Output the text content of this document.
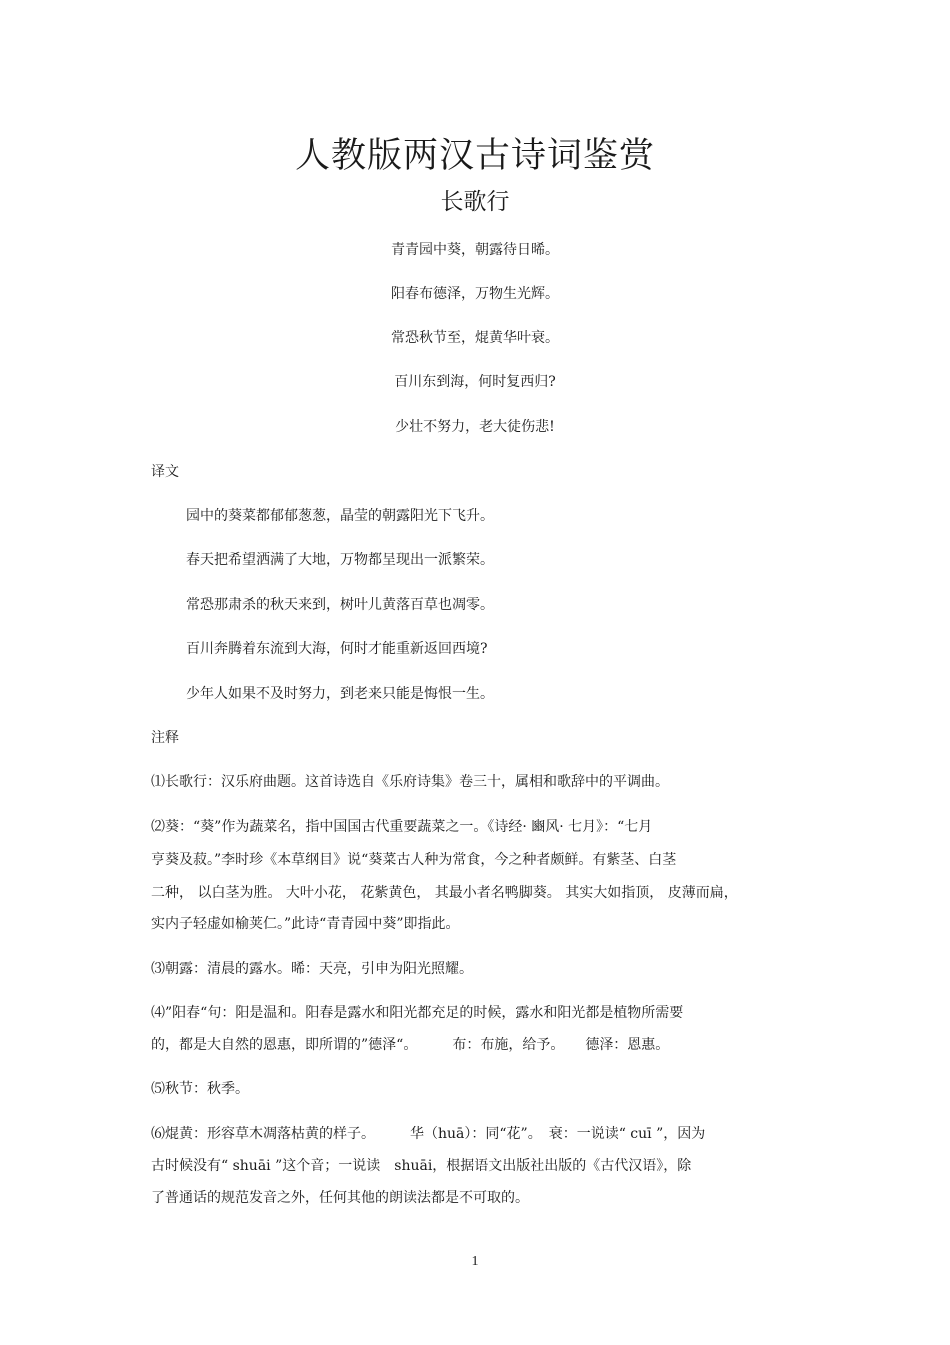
人教版两汉古诗词鉴赏
长歌行
青青园中葵，朝露待日晞。
阳春布德泽，万物生光辉。
常恐秋节至，焜黄华叶衰。
百川东到海，何时复西归?
少壮不努力，老大徒伤悲!
译文
园中的葵菜都郁郁葱葱，晶莹的朝露阳光下飞升。
春天把希望洒满了大地，万物都呈现出一派繁荣。
常恐那肃杀的秋天来到，树叶儿黄落百草也凋零。
百川奔腾着东流到大海，何时才能重新返回西境?
少年人如果不及时努力，到老来只能是悔恨一生。
注释
⑴长歌行：汉乐府曲题。这首诗选自《乐府诗集》卷三十，属相和歌辞中的平调曲。
⑵葵：“葵”作为蔬菜名，指中国国古代重要蔬菜之一。《诗经· 豳风· 七月》：“七月
亨葵及菽。”李时珍《本草纲目》说“葵菜古人种为常食，今之种者颇鲜。有紫茎、白茎
二种， 以白茎为胜。 大叶小花， 花紫黄色， 其最小者名鸭脚葵。 其实大如指顶， 皮薄而扁，
实内子轻虚如榆荚仁。”此诗“青青园中葵”即指此。
⑶朝露：清晨的露水。晞：天亮，引申为阳光照耀。
⑷”阳春“句：阳是温和。阳春是露水和阳光都充足的时候，露水和阳光都是植物所需要
的，都是大自然的恩惠，即所谓的”德泽“。　　　布：布施，给予。　　德泽：恩惠。
⑸秋节：秋季。
⑹焜黄：形容草木凋落枯黄的样子。　　　华（huā）：同“花”。　衰：一说读“ cuī ”，因为
古时候没有“ shuāi ”这个音；一说读　shuāi，根据语文出版社出版的《古代汉语》，除
了普通话的规范发音之外，任何其他的朗读法都是不可取的。
1
